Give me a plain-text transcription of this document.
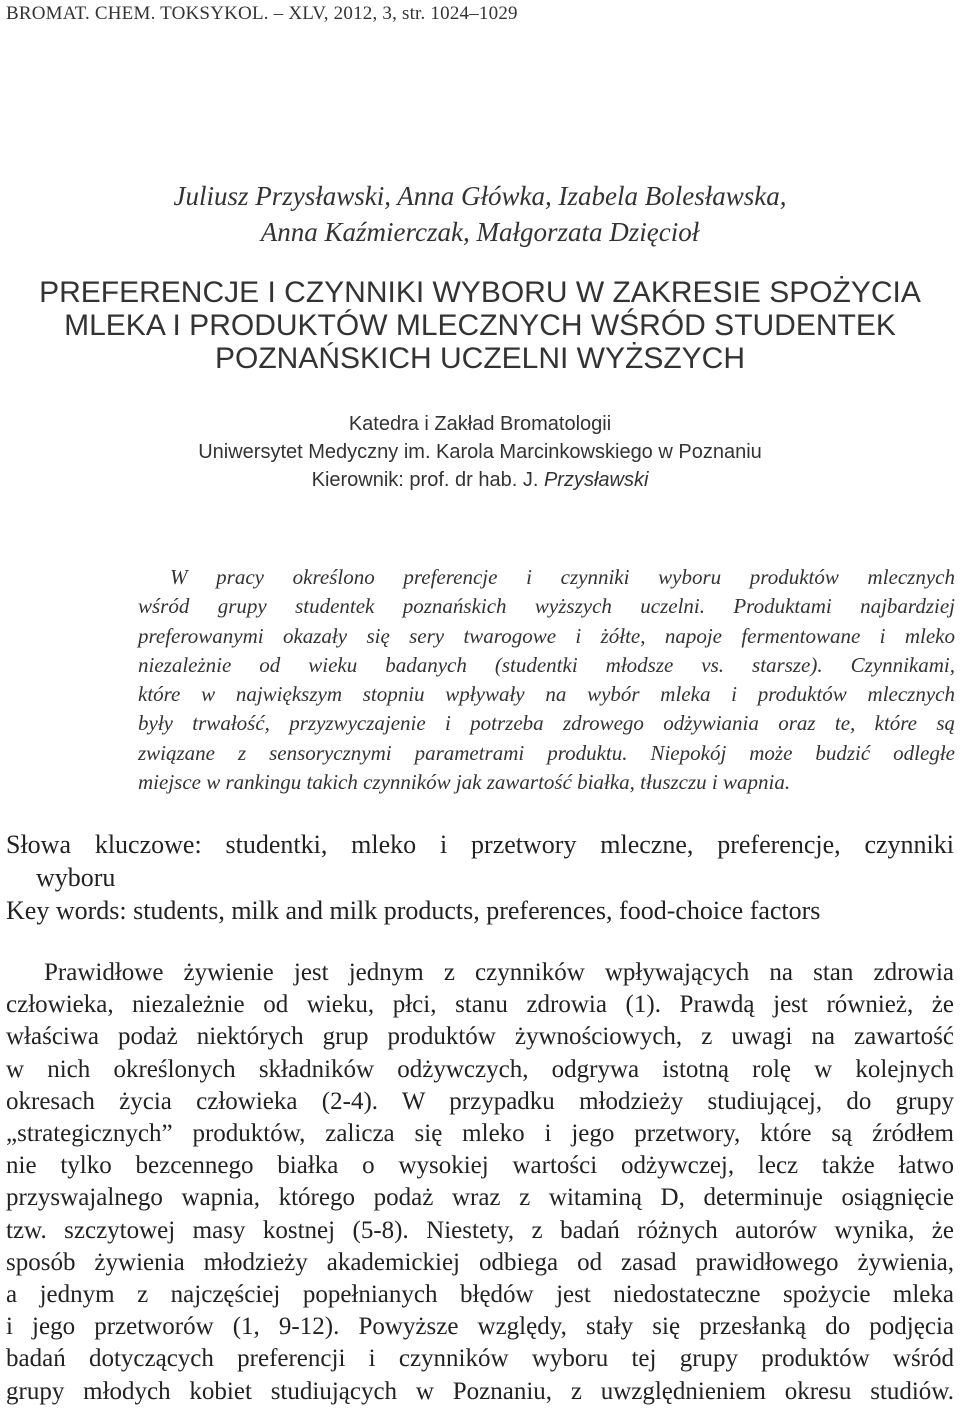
BROMAT. CHEM. TOKSYKOL. – XLV, 2012, 3, str. 1024–1029
Juliusz Przysławski, Anna Główka, Izabela Bolesławska,
Anna Kaźmierczak, Małgorzata Dzięcioł
PREFERENCJE I CZYNNIKI WYBORU W ZAKRESIE SPOŻYCIA
MLEKA I PRODUKTÓW MLECZNYCH WŚRÓD STUDENTEK
POZNAŃSKICH UCZELNI WYŻSZYCH
Katedra i Zakład Bromatologii
Uniwersytet Medyczny im. Karola Marcinkowskiego w Poznaniu
Kierownik: prof. dr hab. J. Przysławski
W pracy określono preferencje i czynniki wyboru produktów mlecznych
wśród grupy studentek poznańskich wyższych uczelni. Produktami najbardziej
preferowanymi okazały się sery twarogowe i żółte, napoje fermentowane i mleko
niezależnie od wieku badanych (studentki młodsze vs. starsze). Czynnikami,
które w największym stopniu wpływały na wybór mleka i produktów mlecznych
były trwałość, przyzwyczajenie i potrzeba zdrowego odżywiania oraz te, które są
związane z sensorycznymi parametrami produktu. Niepokój może budzić odległe
miejsce w rankingu takich czynników jak zawartość białka, tłuszczu i wapnia.
Słowa kluczowe: studentki, mleko i przetwory mleczne, preferencje, czynniki
wyboru
Key words: students, milk and milk products, preferences, food-choice factors
Prawidłowe żywienie jest jednym z czynników wpływających na stan zdrowia
człowieka, niezależnie od wieku, płci, stanu zdrowia (1). Prawdą jest również, że
właściwa podaż niektórych grup produktów żywnościowych, z uwagi na zawartość
w nich określonych składników odżywczych, odgrywa istotną rolę w kolejnych
okresach życia człowieka (2-4). W przypadku młodzieży studiującej, do grupy
„strategicznych” produktów, zalicza się mleko i jego przetwory, które są źródłem
nie tylko bezcennego białka o wysokiej wartości odżywczej, lecz także łatwo
przyswajalnego wapnia, którego podaż wraz z witaminą D, determinuje osiągnięcie
tzw. szczytowej masy kostnej (5-8). Niestety, z badań różnych autorów wynika, że
sposób żywienia młodzieży akademickiej odbiega od zasad prawidłowego żywienia,
a jednym z najczęściej popełnianych błędów jest niedostateczne spożycie mleka
i jego przetworów (1, 9-12). Powyższe względy, stały się przesłanką do podjęcia
badań dotyczących preferencji i czynników wyboru tej grupy produktów wśród
grupy młodych kobiet studiujących w Poznaniu, z uwzględnieniem okresu studiów.
